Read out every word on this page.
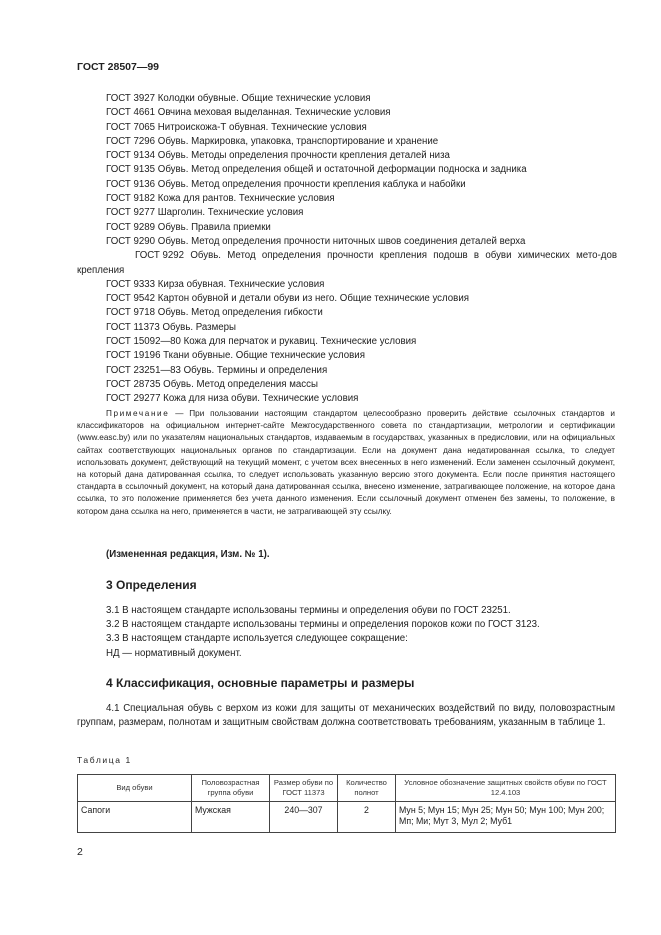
ГОСТ 28507—99
ГОСТ 3927 Колодки обувные. Общие технические условия
ГОСТ 4661 Овчина меховая выделанная. Технические условия
ГОСТ 7065 Нитроискожа-Т обувная. Технические условия
ГОСТ 7296 Обувь. Маркировка, упаковка, транспортирование и хранение
ГОСТ 9134 Обувь. Методы определения прочности крепления деталей низа
ГОСТ 9135 Обувь. Метод определения общей и остаточной деформации подноска и задника
ГОСТ 9136 Обувь. Метод определения прочности крепления каблука и набойки
ГОСТ 9182 Кожа для рантов. Технические условия
ГОСТ 9277 Шарголин. Технические условия
ГОСТ 9289 Обувь. Правила приемки
ГОСТ 9290 Обувь. Метод определения прочности ниточных швов соединения деталей верха
ГОСТ 9292 Обувь. Метод определения прочности крепления подошв в обуви химических мето-дов крепления
ГОСТ 9333 Кирза обувная. Технические условия
ГОСТ 9542 Картон обувной и детали обуви из него. Общие технические условия
ГОСТ 9718 Обувь. Метод определения гибкости
ГОСТ 11373 Обувь. Размеры
ГОСТ 15092—80 Кожа для перчаток и рукавиц. Технические условия
ГОСТ 19196 Ткани обувные. Общие технические условия
ГОСТ 23251—83 Обувь. Термины и определения
ГОСТ 28735 Обувь. Метод определения массы
ГОСТ 29277 Кожа для низа обуви. Технические условия
Примечание — При пользовании настоящим стандартом целесообразно проверить действие ссылочных стандартов и классификаторов на официальном интернет-сайте Межгосударственного совета по стандартизации, метрологии и сертификации (www.easc.by) или по указателям национальных стандартов, издаваемым в государствах, указанных в предисловии, или на официальных сайтах соответствующих национальных органов по стандартизации. Если на документ дана недатированная ссылка, то следует использовать документ, действующий на текущий момент, с учетом всех внесенных в него изменений. Если заменен ссылочный документ, на который дана датированная ссылка, то следует использовать указанную версию этого документа. Если после принятия настоящего стандарта в ссылочный документ, на который дана датированная ссылка, внесено изменение, затрагивающее положение, на которое дана ссылка, то это положение применяется без учета данного изменения. Если ссылочный документ отменен без замены, то положение, в котором дана ссылка на него, применяется в части, не затрагивающей эту ссылку.
(Измененная редакция, Изм. № 1).
3 Определения
3.1 В настоящем стандарте использованы термины и определения обуви по ГОСТ 23251.
3.2 В настоящем стандарте использованы термины и определения пороков кожи по ГОСТ 3123.
3.3 В настоящем стандарте используется следующее сокращение:
НД — нормативный документ.
4 Классификация, основные параметры и размеры
4.1 Специальная обувь с верхом из кожи для защиты от механических воздействий по виду, половозрастным группам, размерам, полнотам и защитным свойствам должна соответствовать требованиям, указанным в таблице 1.
Таблица 1
Вид обуви	Половозрастная группа обуви	Размер обуви по ГОСТ 11373	Количество полнот	Условное обозначение защитных свойств обуви по ГОСТ 12.4.103
Сапоги	Мужская	240—307	2	Мун 5; Мун 15; Мун 25; Мун 50; Мун 100; Мун 200; Мп; Ми; Мут 3, Мул 2; Муб1
2
